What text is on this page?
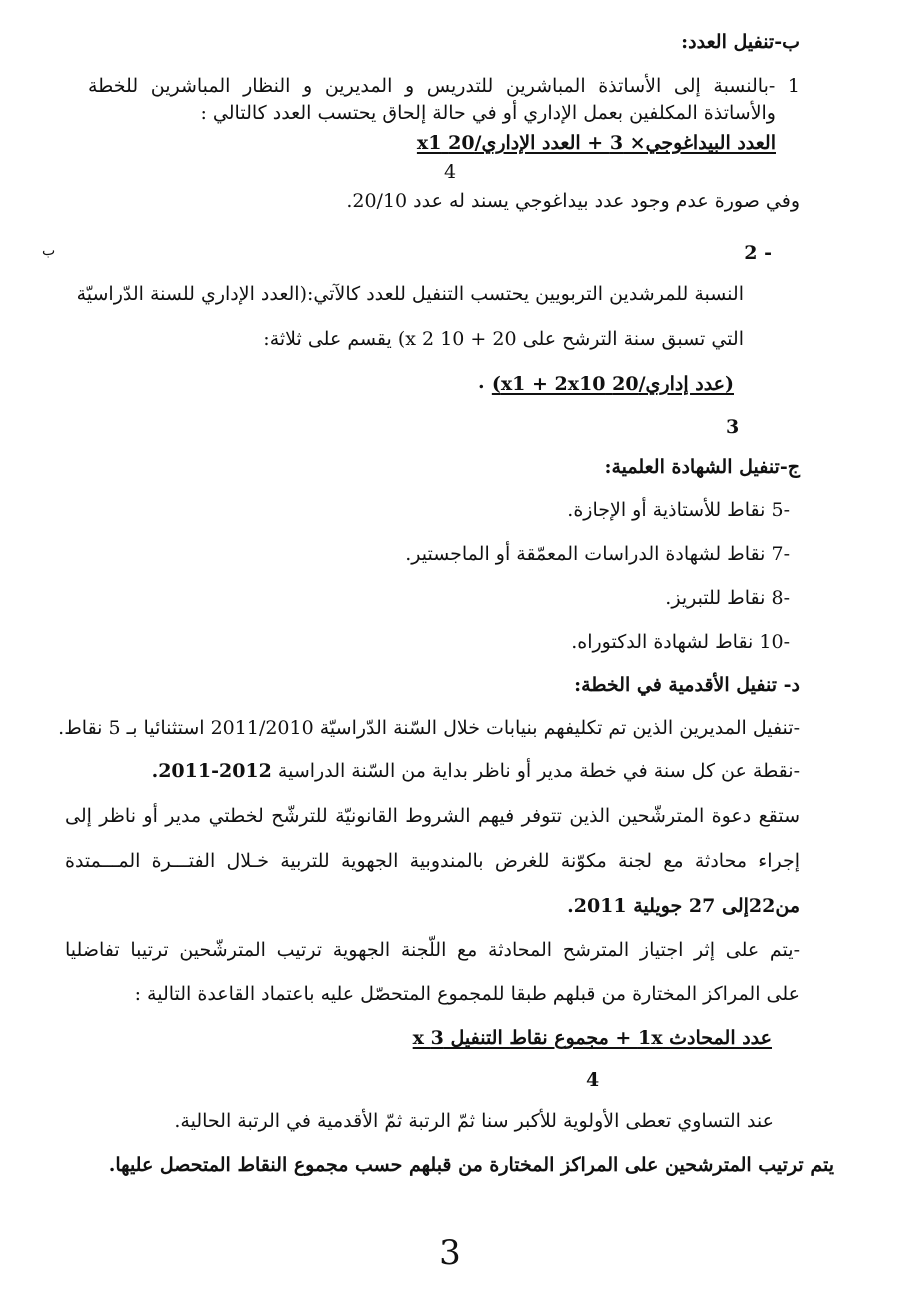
ب-تنفيل العدد:

1 -بالنسبة إلى الأساتذة المباشرين للتدريس و المديرين و النظار المباشرين للخطة

والأساتذة المكلفين بعمل الإداري أو في حالة إلحاق يحتسب العدد كالتالي :

العدد البيداغوجي× 3 + العدد الإداري/20 x1

4

وفي صورة عدم وجود عدد بيداغوجي يسند له عدد 20/10.

- 2

ب

النسبة للمرشدين التربويين يحتسب التنفيل للعدد كالآتي:(العدد الإداري للسنة الدّراسيّة

التي تسبق سنة الترشح على 20 + 10 x 2) يقسم على ثلاثة:

(عدد إداري/20 x1 + 2x10)

.

3

ج-تنفيل الشهادة العلمية:

-5 نقاط للأستاذية أو الإجازة.

-7 نقاط لشهادة الدراسات المعمّقة أو الماجستير.

-8 نقاط للتبريز.

-10 نقاط لشهادة الدكتوراه.

د- تنفيل الأقدمية في الخطة:

-تنفيل المديرين الذين تم تكليفهم بنيابات خلال السّنة الدّراسيّة 2011/2010 استثنائيا بـ 5 نقاط.

-نقطة عن كل سنة في خطة مدير أو ناظر بداية من السّنة الدراسية 2012-2011.

ستقع دعوة المترشّحين الذين تتوفر فيهم الشروط القانونيّة للترشّح لخطتي مدير أو ناظر إلى

إجراء محادثة مع لجنة مكوّنة للغرض بالمندوبية الجهوية للتربية خـلال الفتـــرة المـــمتدة

من22إلى 27 جويلية 2011.

-يتم على إثر اجتياز المترشح المحادثة مع اللّجنة الجهوية ترتيب المترشّحين ترتيبا تفاضليا

على المراكز المختارة من قبلهم طبقا للمجموع المتحصّل عليه باعتماد القاعدة التالية :

عدد المحادث 1x + مجموع نقاط التنفيل 3 x

4

عند التساوي تعطى الأولوية للأكبر سنا ثمّ الرتبة ثمّ الأقدمية في الرتبة الحالية.

يتم ترتيب المترشحين على المراكز المختارة من قبلهم حسب مجموع النقاط المتحصل عليها.

3
